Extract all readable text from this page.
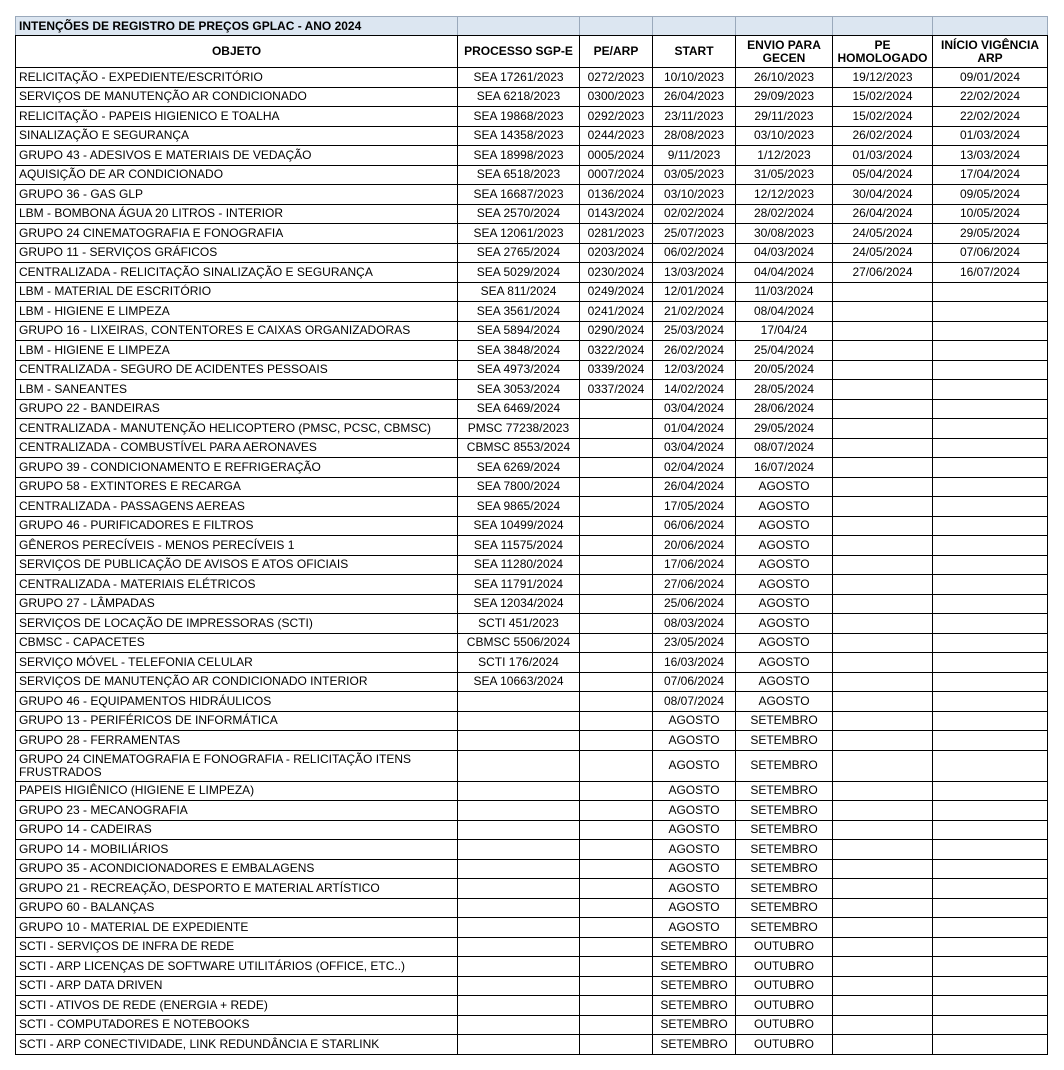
INTENÇÕES DE REGISTRO DE PREÇOS GPLAC - ANO 2024						
OBJETO	PROCESSO SGP-E	PE/ARP	START	ENVIO PARA GECEN	PE HOMOLOGADO	INÍCIO VIGÊNCIA ARP
RELICITAÇÃO - EXPEDIENTE/ESCRITÓRIO	SEA 17261/2023	0272/2023	10/10/2023	26/10/2023	19/12/2023	09/01/2024
SERVIÇOS DE MANUTENÇÃO AR CONDICIONADO	SEA 6218/2023	0300/2023	26/04/2023	29/09/2023	15/02/2024	22/02/2024
RELICITAÇÃO - PAPEIS HIGIENICO E TOALHA	SEA 19868/2023	0292/2023	23/11/2023	29/11/2023	15/02/2024	22/02/2024
SINALIZAÇÃO E SEGURANÇA	SEA 14358/2023	0244/2023	28/08/2023	03/10/2023	26/02/2024	01/03/2024
GRUPO 43 - ADESIVOS E MATERIAIS DE VEDAÇÃO	SEA 18998/2023	0005/2024	9/11/2023	1/12/2023	01/03/2024	13/03/2024
AQUISIÇÃO DE AR CONDICIONADO	SEA 6518/2023	0007/2024	03/05/2023	31/05/2023	05/04/2024	17/04/2024
GRUPO 36 - GAS GLP	SEA 16687/2023	0136/2024	03/10/2023	12/12/2023	30/04/2024	09/05/2024
LBM - BOMBONA ÁGUA 20 LITROS - INTERIOR	SEA 2570/2024	0143/2024	02/02/2024	28/02/2024	26/04/2024	10/05/2024
GRUPO 24 CINEMATOGRAFIA E FONOGRAFIA	SEA 12061/2023	0281/2023	25/07/2023	30/08/2023	24/05/2024	29/05/2024
GRUPO 11 - SERVIÇOS GRÁFICOS	SEA 2765/2024	0203/2024	06/02/2024	04/03/2024	24/05/2024	07/06/2024
CENTRALIZADA - RELICITAÇÃO SINALIZAÇÃO E SEGURANÇA	SEA 5029/2024	0230/2024	13/03/2024	04/04/2024	27/06/2024	16/07/2024
LBM - MATERIAL DE ESCRITÓRIO	SEA 811/2024	0249/2024	12/01/2024	11/03/2024		
LBM - HIGIENE E LIMPEZA	SEA 3561/2024	0241/2024	21/02/2024	08/04/2024		
GRUPO 16 - LIXEIRAS, CONTENTORES E CAIXAS ORGANIZADORAS	SEA 5894/2024	0290/2024	25/03/2024	17/04/24		
LBM - HIGIENE E LIMPEZA	SEA 3848/2024	0322/2024	26/02/2024	25/04/2024		
CENTRALIZADA - SEGURO DE ACIDENTES PESSOAIS	SEA 4973/2024	0339/2024	12/03/2024	20/05/2024		
LBM - SANEANTES	SEA 3053/2024	0337/2024	14/02/2024	28/05/2024		
GRUPO 22 - BANDEIRAS	SEA 6469/2024		03/04/2024	28/06/2024		
CENTRALIZADA - MANUTENÇÃO HELICOPTERO (PMSC, PCSC, CBMSC)	PMSC 77238/2023		01/04/2024	29/05/2024		
CENTRALIZADA - COMBUSTÍVEL PARA AERONAVES	CBMSC 8553/2024		03/04/2024	08/07/2024		
GRUPO 39 - CONDICIONAMENTO E REFRIGERAÇÃO	SEA 6269/2024		02/04/2024	16/07/2024		
GRUPO 58 - EXTINTORES E RECARGA	SEA 7800/2024		26/04/2024	AGOSTO		
CENTRALIZADA - PASSAGENS AEREAS	SEA 9865/2024		17/05/2024	AGOSTO		
GRUPO 46 - PURIFICADORES E FILTROS	SEA 10499/2024		06/06/2024	AGOSTO		
GÊNEROS PERECÍVEIS - MENOS PERECÍVEIS 1	SEA 11575/2024		20/06/2024	AGOSTO		
SERVIÇOS DE PUBLICAÇÃO DE AVISOS E ATOS OFICIAIS	SEA 11280/2024		17/06/2024	AGOSTO		
CENTRALIZADA - MATERIAIS ELÉTRICOS	SEA 11791/2024		27/06/2024	AGOSTO		
GRUPO 27 - LÂMPADAS	SEA 12034/2024		25/06/2024	AGOSTO		
SERVIÇOS DE LOCAÇÃO DE IMPRESSORAS (SCTI)	SCTI 451/2023		08/03/2024	AGOSTO		
CBMSC - CAPACETES	CBMSC 5506/2024		23/05/2024	AGOSTO		
SERVIÇO MÓVEL - TELEFONIA CELULAR	SCTI 176/2024		16/03/2024	AGOSTO		
SERVIÇOS DE MANUTENÇÃO AR CONDICIONADO INTERIOR	SEA 10663/2024		07/06/2024	AGOSTO		
GRUPO 46 - EQUIPAMENTOS HIDRÁULICOS			08/07/2024	AGOSTO		
GRUPO 13 - PERIFÉRICOS DE INFORMÁTICA			AGOSTO	SETEMBRO		
GRUPO 28 - FERRAMENTAS			AGOSTO	SETEMBRO		
GRUPO 24 CINEMATOGRAFIA E FONOGRAFIA - RELICITAÇÃO ITENS FRUSTRADOS			AGOSTO	SETEMBRO		
PAPEIS HIGIÊNICO (HIGIENE E LIMPEZA)			AGOSTO	SETEMBRO		
GRUPO 23 - MECANOGRAFIA			AGOSTO	SETEMBRO		
GRUPO 14 - CADEIRAS			AGOSTO	SETEMBRO		
GRUPO 14 - MOBILIÁRIOS			AGOSTO	SETEMBRO		
GRUPO 35 - ACONDICIONADORES E EMBALAGENS			AGOSTO	SETEMBRO		
GRUPO 21 - RECREAÇÃO, DESPORTO E MATERIAL ARTÍSTICO			AGOSTO	SETEMBRO		
GRUPO 60 - BALANÇAS			AGOSTO	SETEMBRO		
GRUPO 10 - MATERIAL DE EXPEDIENTE			AGOSTO	SETEMBRO		
SCTI - SERVIÇOS DE INFRA DE REDE			SETEMBRO	OUTUBRO		
SCTI - ARP LICENÇAS DE SOFTWARE UTILITÁRIOS (OFFICE, ETC..)			SETEMBRO	OUTUBRO		
SCTI - ARP DATA DRIVEN			SETEMBRO	OUTUBRO		
SCTI - ATIVOS DE REDE (ENERGIA + REDE)			SETEMBRO	OUTUBRO		
SCTI - COMPUTADORES E NOTEBOOKS			SETEMBRO	OUTUBRO		
SCTI - ARP CONECTIVIDADE, LINK REDUNDÂNCIA E STARLINK			SETEMBRO	OUTUBRO		
